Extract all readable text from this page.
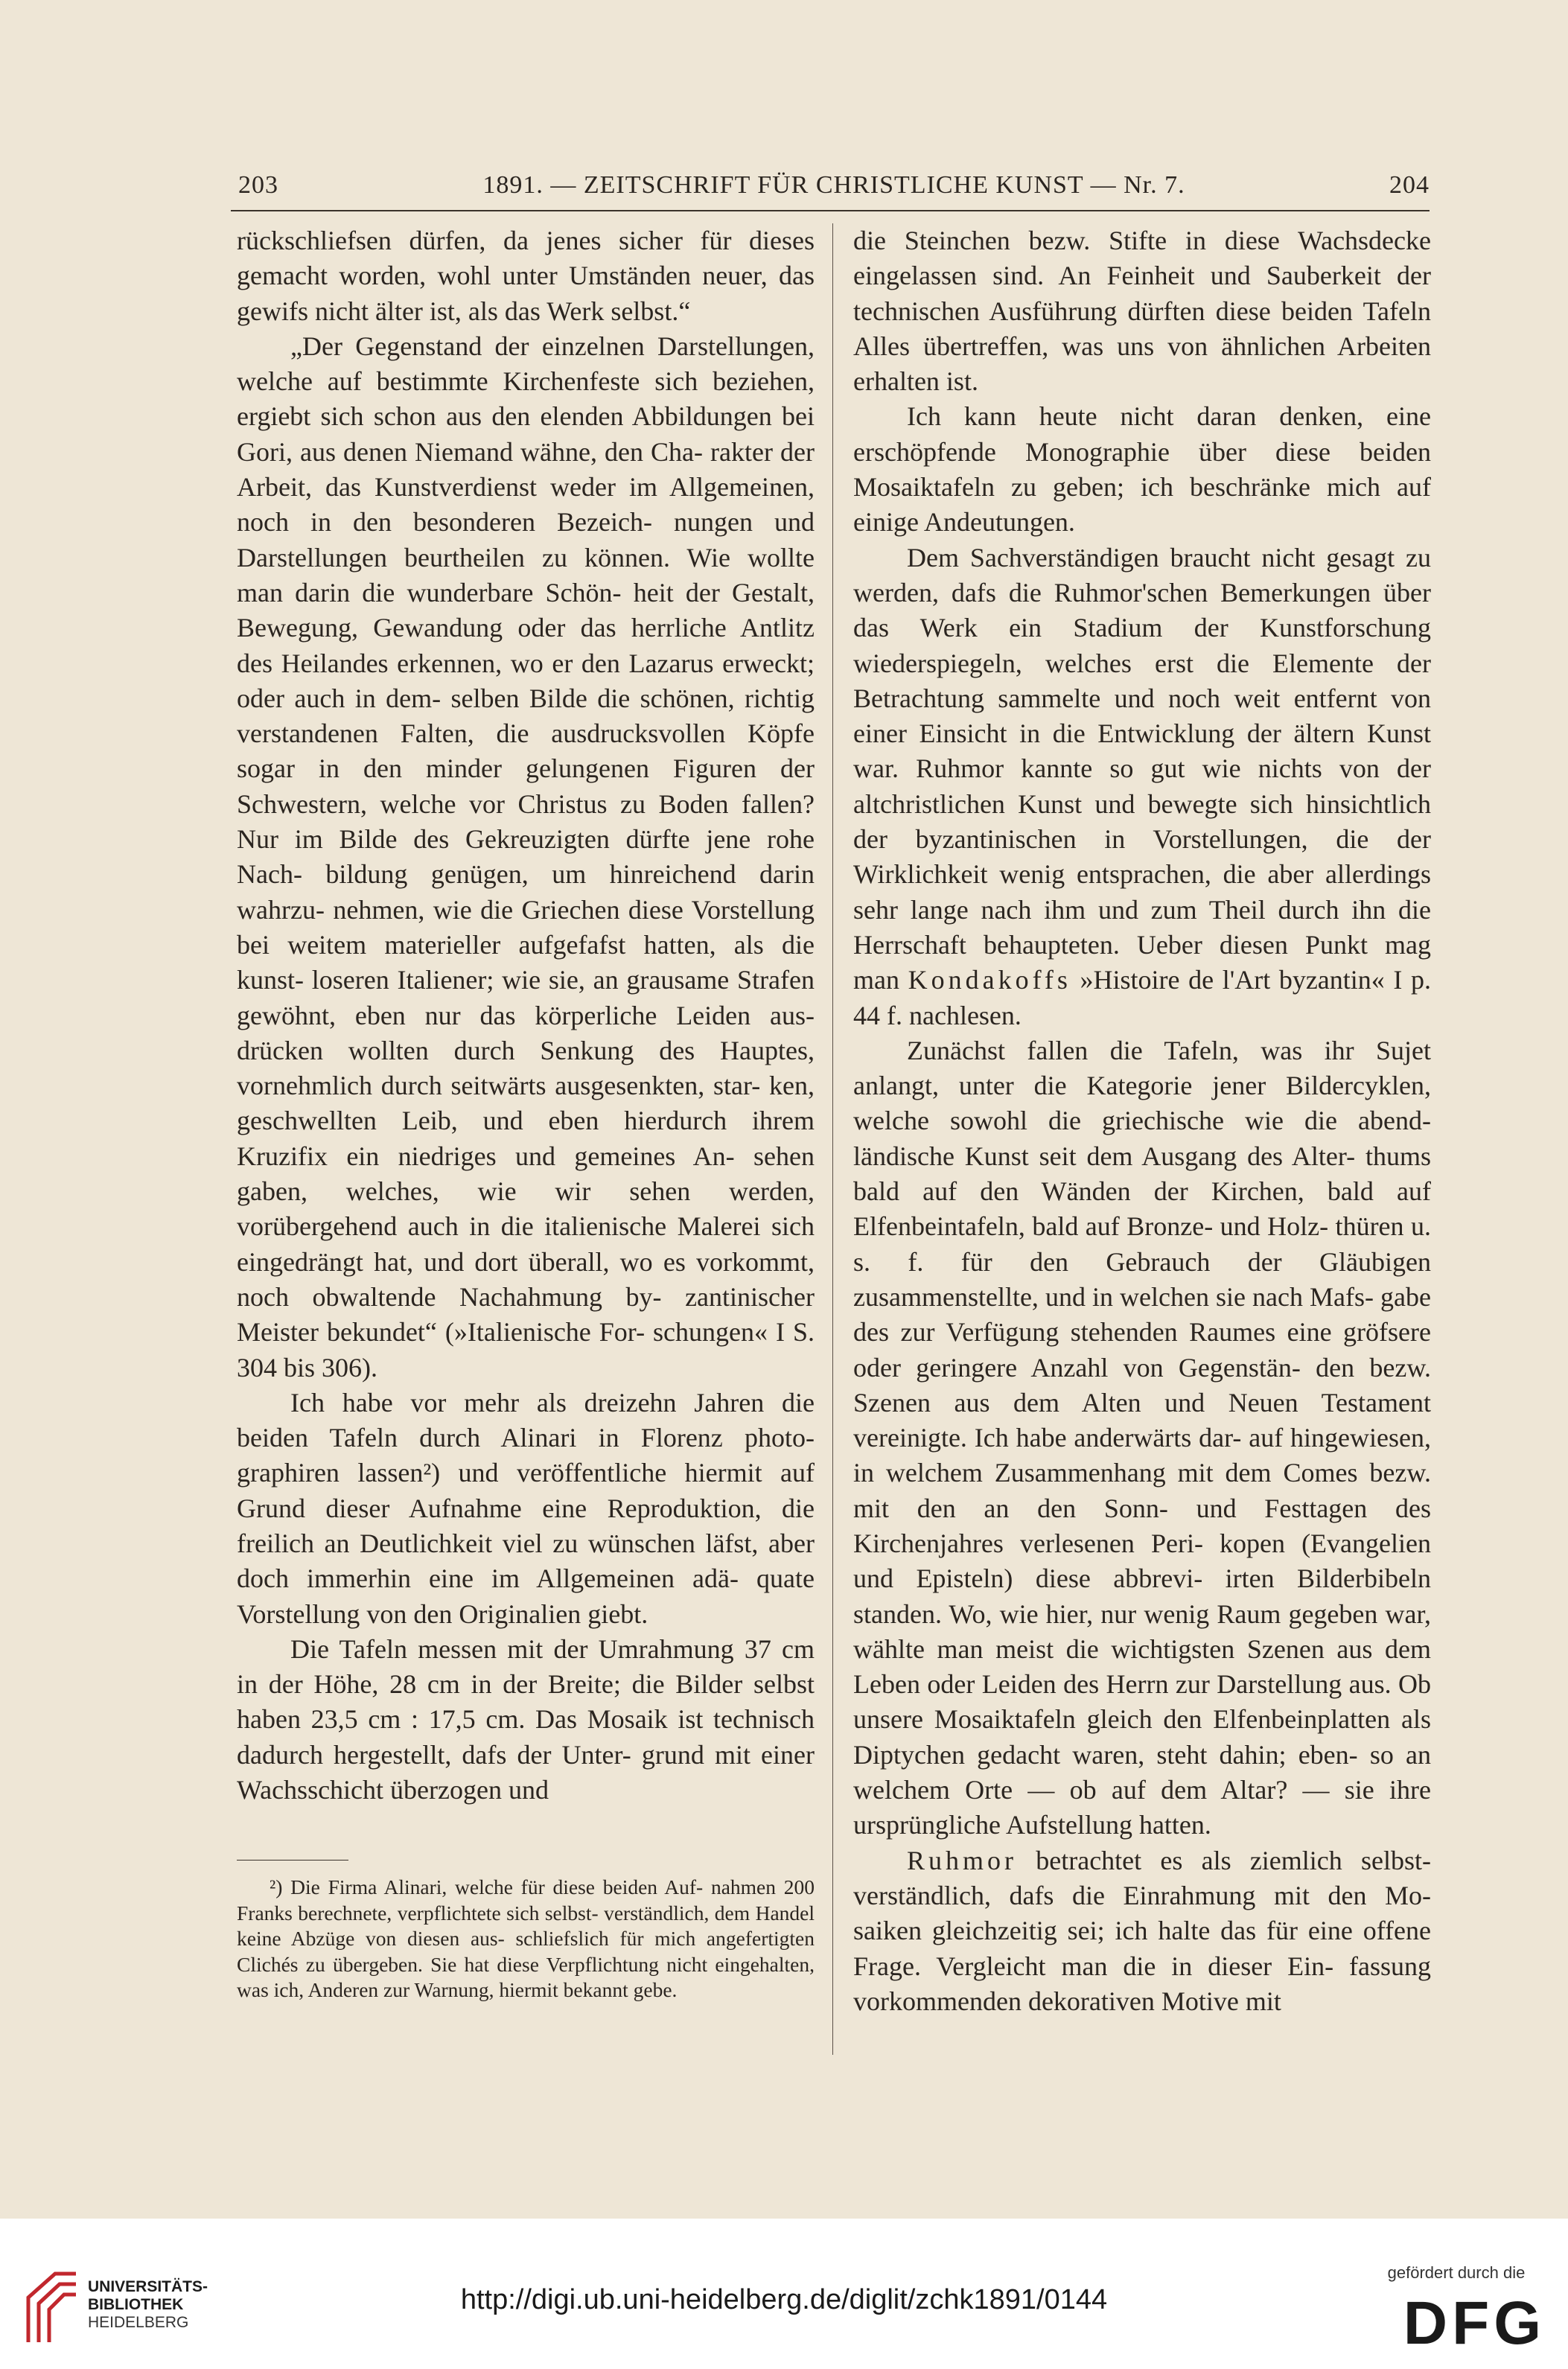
203	1891. — ZEITSCHRIFT FÜR CHRISTLICHE KUNST — Nr. 7.	204

rückschliefsen dürfen, da jenes sicher für dieses gemacht worden, wohl unter Umständen neuer, das gewifs nicht älter ist, als das Werk selbst.“

„Der Gegenstand der einzelnen Darstellungen, welche auf bestimmte Kirchenfeste sich beziehen, ergiebt sich schon aus den elenden Abbildungen bei Gori, aus denen Niemand wähne, den Cha- rakter der Arbeit, das Kunstverdienst weder im Allgemeinen, noch in den besonderen Bezeich- nungen und Darstellungen beurtheilen zu können. Wie wollte man darin die wunderbare Schön- heit der Gestalt, Bewegung, Gewandung oder das herrliche Antlitz des Heilandes erkennen, wo er den Lazarus erweckt; oder auch in dem- selben Bilde die schönen, richtig verstandenen Falten, die ausdrucksvollen Köpfe sogar in den minder gelungenen Figuren der Schwestern, welche vor Christus zu Boden fallen? Nur im Bilde des Gekreuzigten dürfte jene rohe Nach- bildung genügen, um hinreichend darin wahrzu- nehmen, wie die Griechen diese Vorstellung bei weitem materieller aufgefafst hatten, als die kunst- loseren Italiener; wie sie, an grausame Strafen gewöhnt, eben nur das körperliche Leiden aus- drücken wollten durch Senkung des Hauptes, vornehmlich durch seitwärts ausgesenkten, star- ken, geschwellten Leib, und eben hierdurch ihrem Kruzifix ein niedriges und gemeines An- sehen gaben, welches, wie wir sehen werden, vorübergehend auch in die italienische Malerei sich eingedrängt hat, und dort überall, wo es vorkommt, noch obwaltende Nachahmung by- zantinischer Meister bekundet“ (»Italienische For- schungen« I S. 304 bis 306).

Ich habe vor mehr als dreizehn Jahren die beiden Tafeln durch Alinari in Florenz photo- graphiren lassen²) und veröffentliche hiermit auf Grund dieser Aufnahme eine Reproduktion, die freilich an Deutlichkeit viel zu wünschen läfst, aber doch immerhin eine im Allgemeinen adä- quate Vorstellung von den Originalien giebt.

Die Tafeln messen mit der Umrahmung 37 cm in der Höhe, 28 cm in der Breite; die Bilder selbst haben 23,5 cm : 17,5 cm. Das Mosaik ist technisch dadurch hergestellt, dafs der Unter- grund mit einer Wachsschicht überzogen und

²) Die Firma Alinari, welche für diese beiden Auf- nahmen 200 Franks berechnete, verpflichtete sich selbst- verständlich, dem Handel keine Abzüge von diesen aus- schliefslich für mich angefertigten Clichés zu übergeben. Sie hat diese Verpflichtung nicht eingehalten, was ich, Anderen zur Warnung, hiermit bekannt gebe.

die Steinchen bezw. Stifte in diese Wachsdecke eingelassen sind. An Feinheit und Sauberkeit der technischen Ausführung dürften diese beiden Tafeln Alles übertreffen, was uns von ähnlichen Arbeiten erhalten ist.

Ich kann heute nicht daran denken, eine erschöpfende Monographie über diese beiden Mosaiktafeln zu geben; ich beschränke mich auf einige Andeutungen.

Dem Sachverständigen braucht nicht gesagt zu werden, dafs die Ruhmor'schen Bemerkungen über das Werk ein Stadium der Kunstforschung wiederspiegeln, welches erst die Elemente der Betrachtung sammelte und noch weit entfernt von einer Einsicht in die Entwicklung der ältern Kunst war. Ruhmor kannte so gut wie nichts von der altchristlichen Kunst und bewegte sich hinsichtlich der byzantinischen in Vorstellungen, die der Wirklichkeit wenig entsprachen, die aber allerdings sehr lange nach ihm und zum Theil durch ihn die Herrschaft behaupteten. Ueber diesen Punkt mag man Kondakoffs »Histoire de l'Art byzantin« I p. 44 f. nachlesen.

Zunächst fallen die Tafeln, was ihr Sujet anlangt, unter die Kategorie jener Bildercyklen, welche sowohl die griechische wie die abend- ländische Kunst seit dem Ausgang des Alter- thums bald auf den Wänden der Kirchen, bald auf Elfenbeintafeln, bald auf Bronze- und Holz- thüren u. s. f. für den Gebrauch der Gläubigen zusammenstellte, und in welchen sie nach Mafs- gabe des zur Verfügung stehenden Raumes eine gröfsere oder geringere Anzahl von Gegenstän- den bezw. Szenen aus dem Alten und Neuen Testament vereinigte. Ich habe anderwärts dar- auf hingewiesen, in welchem Zusammenhang mit dem Comes bezw. mit den an den Sonn- und Festtagen des Kirchenjahres verlesenen Peri- kopen (Evangelien und Episteln) diese abbrevi- irten Bilderbibeln standen. Wo, wie hier, nur wenig Raum gegeben war, wählte man meist die wichtigsten Szenen aus dem Leben oder Leiden des Herrn zur Darstellung aus. Ob unsere Mosaiktafeln gleich den Elfenbeinplatten als Diptychen gedacht waren, steht dahin; eben- so an welchem Orte — ob auf dem Altar? — sie ihre ursprüngliche Aufstellung hatten.

Ruhmor betrachtet es als ziemlich selbst- verständlich, dafs die Einrahmung mit den Mo- saiken gleichzeitig sei; ich halte das für eine offene Frage. Vergleicht man die in dieser Ein- fassung vorkommenden dekorativen Motive mit

UNIVERSITÄTS-
BIBLIOTHEK
HEIDELBERG
http://digi.ub.uni-heidelberg.de/diglit/zchk1891/0144
gefördert durch die
DFG
